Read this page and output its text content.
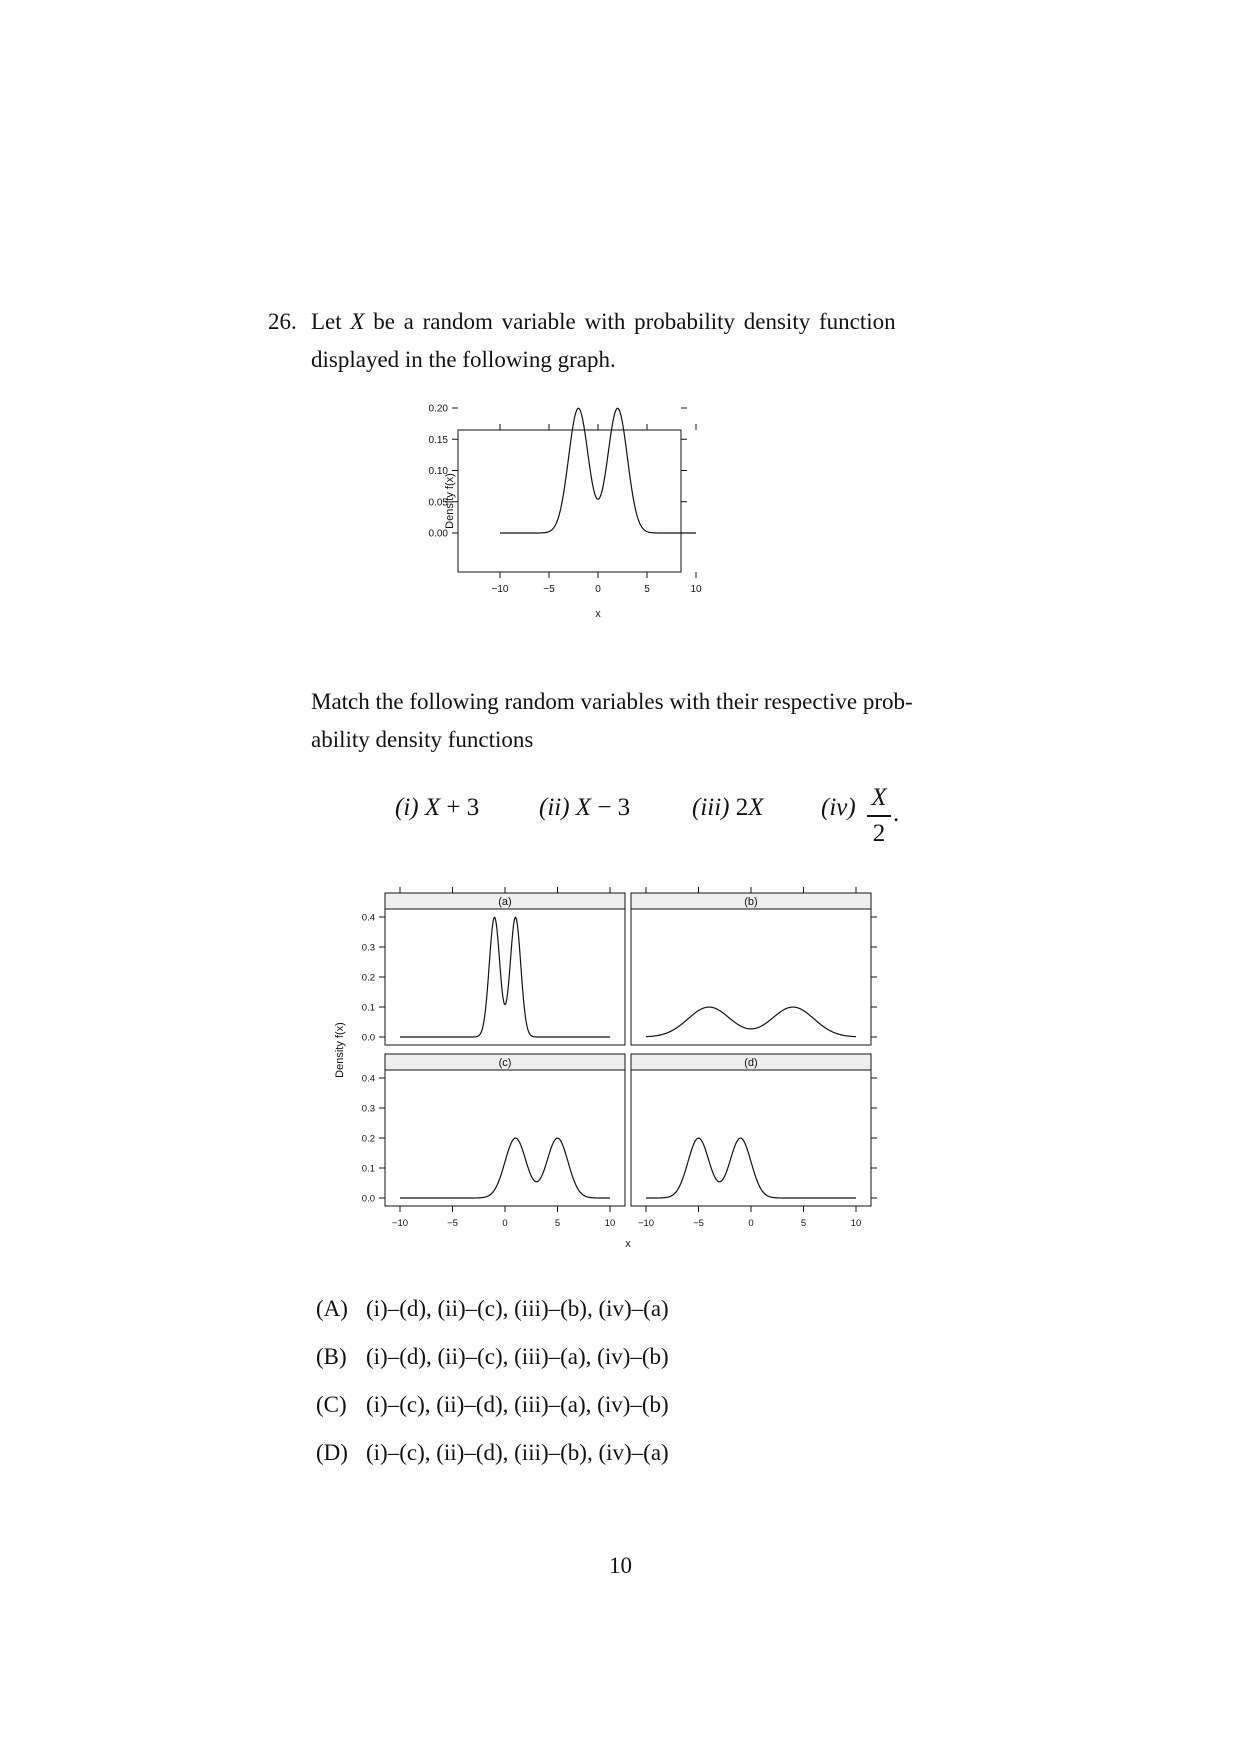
26. Let X be a random variable with probability density function
displayed in the following graph.
−10	−5	0	5	10
0.00
0.05
0.10
0.15
0.20
x
Density f(x)
Match the following random variables with their respective prob-
ability density functions
(i) X + 3 (ii) X − 3 (iii) 2X (iv) X
2
.
(a)
0.0
0.1
0.2
0.3
0.4
(b)
(c)
0.0
0.1
0.2
0.3
0.4
−10	−5	0	5	10
(d)
−10	−5	0	5	10
x
Density f(x)
(A) (i)–(d), (ii)–(c), (iii)–(b), (iv)–(a)
(B) (i)–(d), (ii)–(c), (iii)–(a), (iv)–(b)
(C) (i)–(c), (ii)–(d), (iii)–(a), (iv)–(b)
(D) (i)–(c), (ii)–(d), (iii)–(b), (iv)–(a)
10
